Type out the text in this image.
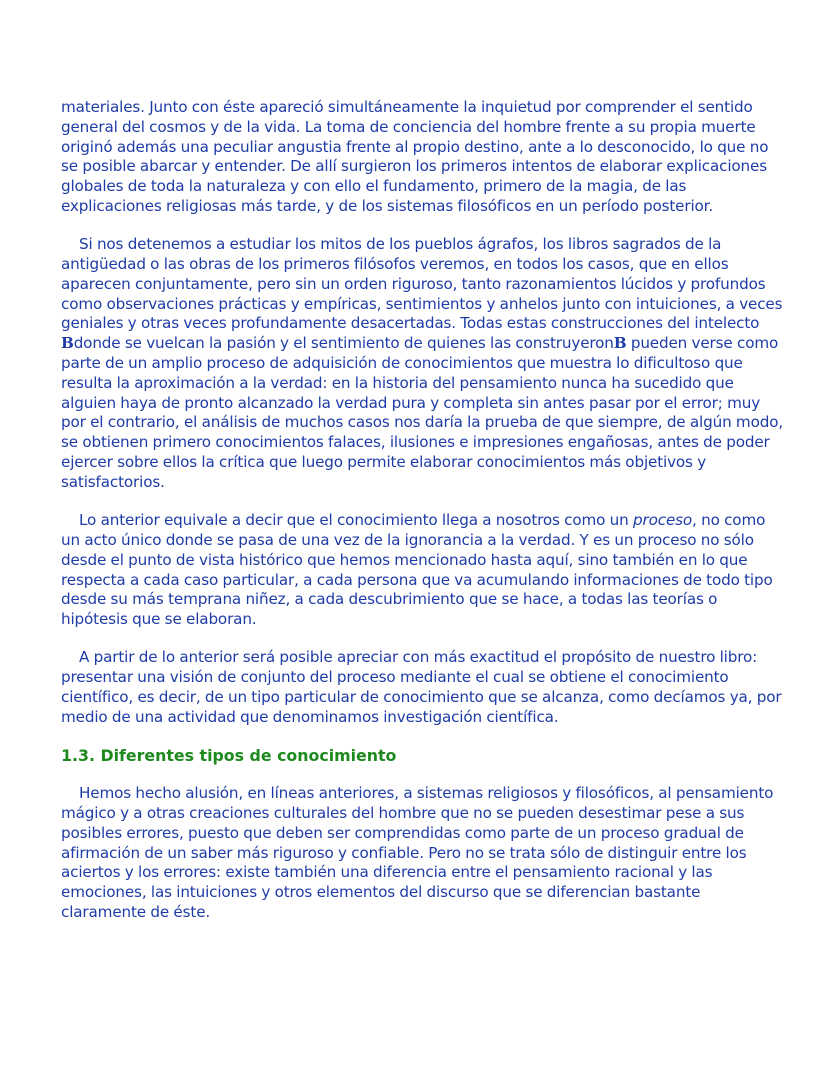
materiales. Junto con éste apareció simultáneamente la inquietud por comprender el sentido general del cosmos y de la vida. La toma de conciencia del hombre frente a su propia muerte originó además una peculiar angustia frente al propio destino, ante a lo desconocido, lo que no se posible abarcar y entender. De allí surgieron los primeros intentos de elaborar explicaciones globales de toda la naturaleza y con ello el fundamento, primero de la magia, de las explicaciones religiosas más tarde, y de los sistemas filosóficos en un período posterior.

Si nos detenemos a estudiar los mitos de los pueblos ágrafos, los libros sagrados de la antigüedad o las obras de los primeros filósofos veremos, en todos los casos, que en ellos aparecen conjuntamente, pero sin un orden riguroso, tanto razonamientos lúcidos y profundos como observaciones prácticas y empíricas, sentimientos y anhelos junto con intuiciones, a veces geniales y otras veces profundamente desacertadas. Todas estas construcciones del intelecto Bdonde se vuelcan la pasión y el sentimiento de quienes las construyeronB pueden verse como parte de un amplio proceso de adquisición de conocimientos que muestra lo dificultoso que resulta la aproximación a la verdad: en la historia del pensamiento nunca ha sucedido que alguien haya de pronto alcanzado la verdad pura y completa sin antes pasar por el error; muy por el contrario, el análisis de muchos casos nos daría la prueba de que siempre, de algún modo, se obtienen primero conocimientos falaces, ilusiones e impresiones engañosas, antes de poder ejercer sobre ellos la crítica que luego permite elaborar conocimientos más objetivos y satisfactorios.

Lo anterior equivale a decir que el conocimiento llega a nosotros como un proceso, no como un acto único donde se pasa de una vez de la ignorancia a la verdad. Y es un proceso no sólo desde el punto de vista histórico que hemos mencionado hasta aquí, sino también en lo que respecta a cada caso particular, a cada persona que va acumulando informaciones de todo tipo desde su más temprana niñez, a cada descubrimiento que se hace, a todas las teorías o hipótesis que se elaboran.

A partir de lo anterior será posible apreciar con más exactitud el propósito de nuestro libro: presentar una visión de conjunto del proceso mediante el cual se obtiene el conocimiento científico, es decir, de un tipo particular de conocimiento que se alcanza, como decíamos ya, por medio de una actividad que denominamos investigación científica.

1.3. Diferentes tipos de conocimiento

Hemos hecho alusión, en líneas anteriores, a sistemas religiosos y filosóficos, al pensamiento mágico y a otras creaciones culturales del hombre que no se pueden desestimar pese a sus posibles errores, puesto que deben ser comprendidas como parte de un proceso gradual de afirmación de un saber más riguroso y confiable. Pero no se trata sólo de distinguir entre los aciertos y los errores: existe también una diferencia entre el pensamiento racional y las emociones, las intuiciones y otros elementos del discurso que se diferencian bastante claramente de éste.
